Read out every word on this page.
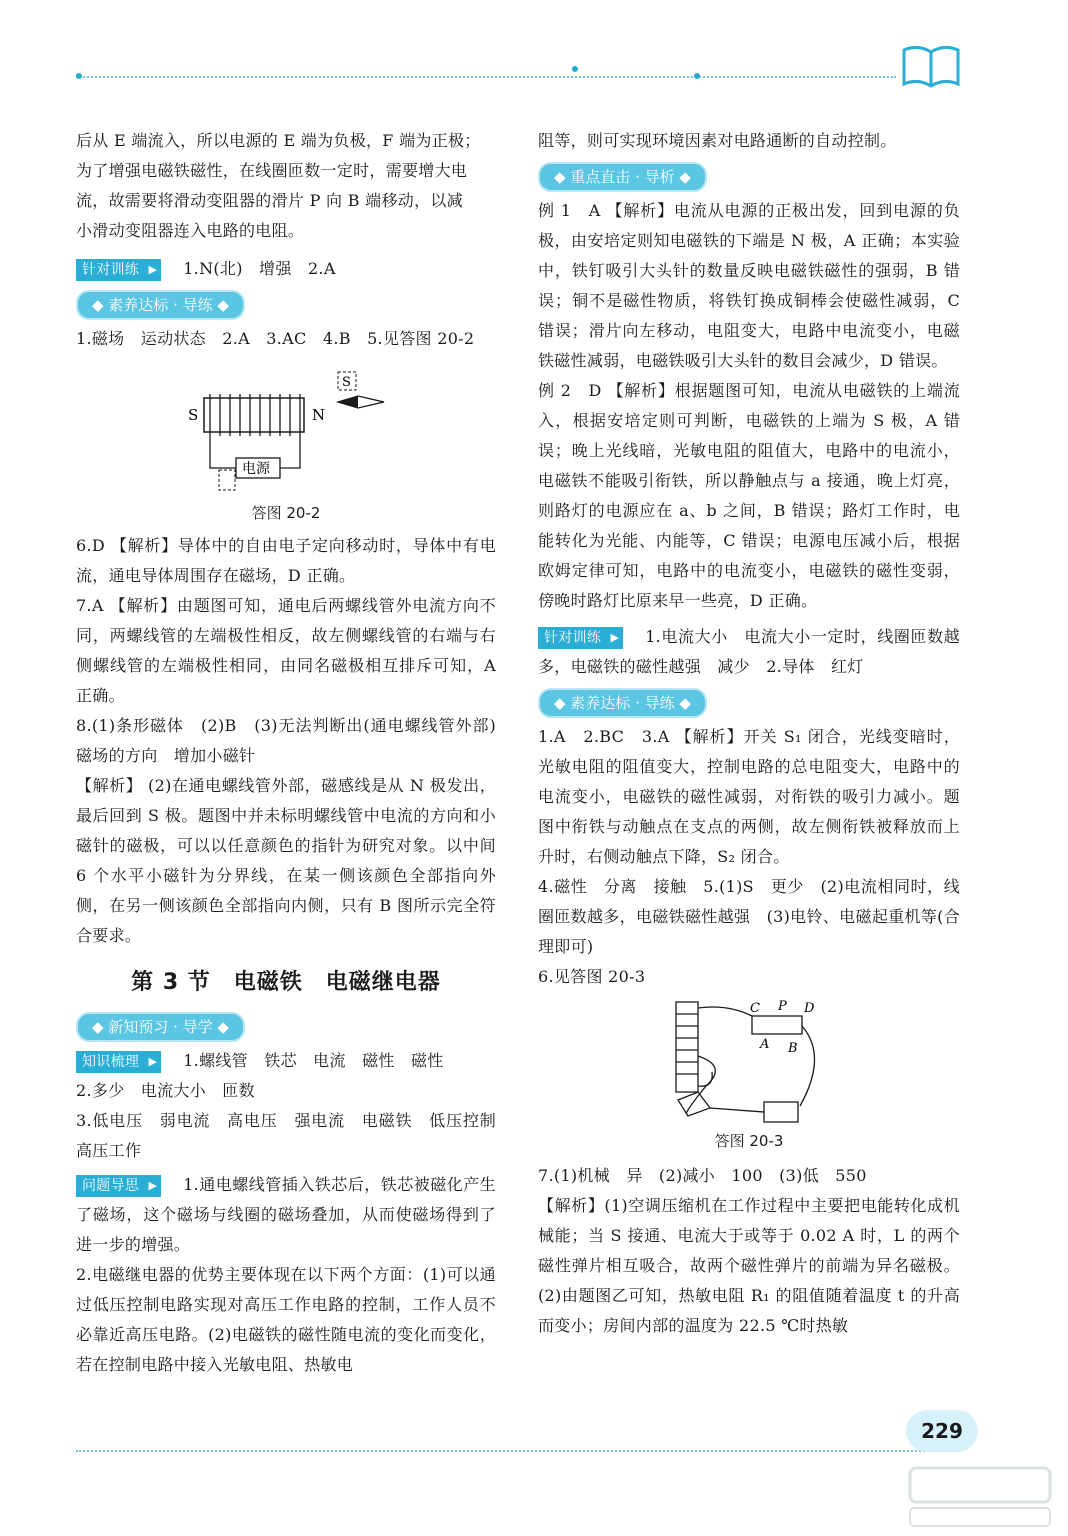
后从 E 端流入，所以电源的 E 端为负极，F 端为正极；

为了增强电磁铁磁性，在线圈匝数一定时，需要增大电

流，故需要将滑动变阻器的滑片 P 向 B 端移动，以减

小滑动变阻器连入电路的电阻。

针对训练 ▶	1.N(北)　增强　2.A

◆ 素养达标 · 导练 ◆

1.磁场　运动状态　2.A　3.AC　4.B　5.见答图 20-2

S	N
电源
S
答图 20-2

6.D 【解析】导体中的自由电子定向移动时，导体中有电流，通电导体周围存在磁场，D 正确。

7.A 【解析】由题图可知，通电后两螺线管外电流方向不同，两螺线管的左端极性相反，故左侧螺线管的右端与右侧螺线管的左端极性相同，由同名磁极相互排斥可知，A 正确。

8.(1)条形磁体　(2)B　(3)无法判断出(通电螺线管外部)磁场的方向　增加小磁针

【解析】 (2)在通电螺线管外部，磁感线是从 N 极发出，最后回到 S 极。题图中并未标明螺线管中电流的方向和小磁针的磁极，可以以任意颜色的指针为研究对象。以中间 6 个水平小磁针为分界线，在某一侧该颜色全部指向外侧，在另一侧该颜色全部指向内侧，只有 B 图所示完全符合要求。

第 3 节　电磁铁　电磁继电器
◆ 新知预习 · 导学 ◆

知识梳理 ▶	1.螺线管　铁芯　电流　磁性　磁性

2.多少　电流大小　匝数

3.低电压　弱电流　高电压　强电流　电磁铁　低压控制　高压工作

问题导思 ▶	1.通电螺线管插入铁芯后，铁芯被磁化产生了磁场，这个磁场与线圈的磁场叠加，从而使磁场得到了进一步的增强。

2.电磁继电器的优势主要体现在以下两个方面：(1)可以通过低压控制电路实现对高压工作电路的控制，工作人员不必靠近高压电路。(2)电磁铁的磁性随电流的变化而变化，若在控制电路中接入光敏电阻、热敏电

阻等，则可实现环境因素对电路通断的自动控制。

◆ 重点直击 · 导析 ◆

例 1　A 【解析】电流从电源的正极出发，回到电源的负极，由安培定则知电磁铁的下端是 N 极，A 正确；本实验中，铁钉吸引大头针的数量反映电磁铁磁性的强弱，B 错误；铜不是磁性物质，将铁钉换成铜棒会使磁性减弱，C 错误；滑片向左移动，电阻变大，电路中电流变小，电磁铁磁性减弱，电磁铁吸引大头针的数目会减少，D 错误。

例 2　D 【解析】根据题图可知，电流从电磁铁的上端流入，根据安培定则可判断，电磁铁的上端为 S 极，A 错误；晚上光线暗，光敏电阻的阻值大，电路中的电流小，电磁铁不能吸引衔铁，所以静触点与 a 接通，晚上灯亮，则路灯的电源应在 a、b 之间，B 错误；路灯工作时，电能转化为光能、内能等，C 错误；电源电压减小后，根据欧姆定律可知，电路中的电流变小，电磁铁的磁性变弱，傍晚时路灯比原来早一些亮，D 正确。

针对训练 ▶	1.电流大小　电流大小一定时，线圈匝数越多，电磁铁的磁性越强　减少　2.导体　红灯

◆ 素养达标 · 导练 ◆

1.A　2.BC　3.A 【解析】开关 S₁ 闭合，光线变暗时，光敏电阻的阻值变大，控制电路的总电阻变大，电路中的电流变小，电磁铁的磁性减弱，对衔铁的吸引力减小。题图中衔铁与动触点在支点的两侧，故左侧衔铁被释放而上升时，右侧动触点下降，S₂ 闭合。

4.磁性　分离　接触　5.(1)S　更少　(2)电流相同时，线圈匝数越多，电磁铁磁性越强　(3)电铃、电磁起重机等(合理即可)

6.见答图 20-3

C P D
A B
答图 20-3

7.(1)机械　异　(2)减小　100　(3)低　550

【解析】(1)空调压缩机在工作过程中主要把电能转化成机械能；当 S 接通、电流大于或等于 0.02 A 时，L 的两个磁性弹片相互吸合，故两个磁性弹片的前端为异名磁极。(2)由题图乙可知，热敏电阻 R₁ 的阻值随着温度 t 的升高而变小；房间内部的温度为 22.5 ℃时热敏

229
